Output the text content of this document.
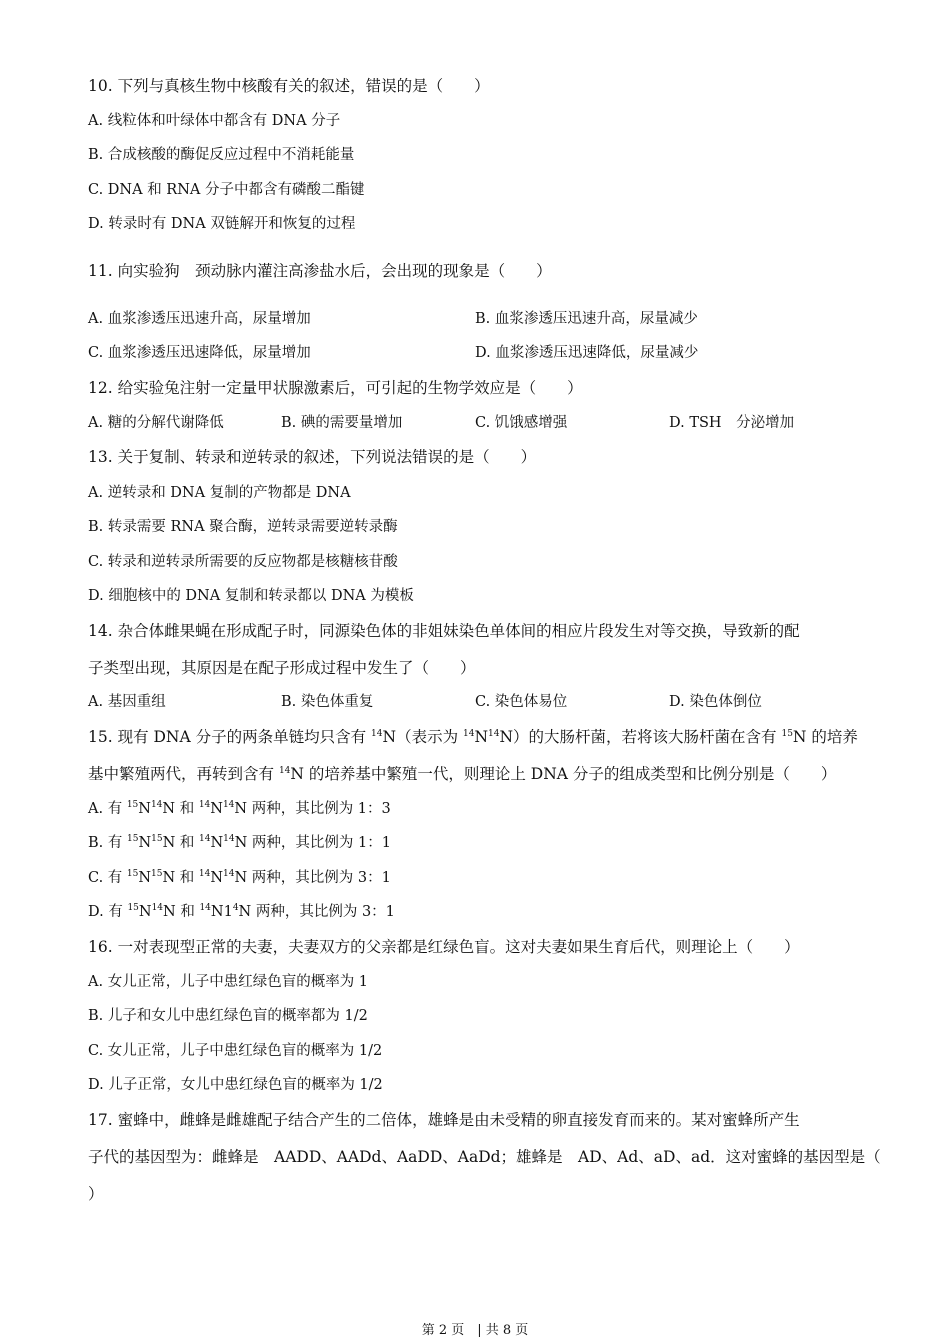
10. 下列与真核生物中核酸有关的叙述，错误的是（　　）
A. 线粒体和叶绿体中都含有 DNA 分子
B. 合成核酸的酶促反应过程中不消耗能量
C. DNA 和 RNA 分子中都含有磷酸二酯键
D. 转录时有 DNA 双链解开和恢复的过程
11. 向实验狗　颈动脉内灌注高渗盐水后，会出现的现象是（　　）
A. 血浆渗透压迅速升高，尿量增加	B. 血浆渗透压迅速升高，尿量减少
C. 血浆渗透压迅速降低，尿量增加	D. 血浆渗透压迅速降低，尿量减少
12. 给实验兔注射一定量甲状腺激素后，可引起的生物学效应是（　　）
A. 糖的分解代谢降低	B. 碘的需要量增加	C. 饥饿感增强	D. TSH　分泌增加
13. 关于复制、转录和逆转录的叙述，下列说法错误的是（　　）
A. 逆转录和 DNA 复制的产物都是 DNA
B. 转录需要 RNA 聚合酶，逆转录需要逆转录酶
C. 转录和逆转录所需要的反应物都是核糖核苷酸
D. 细胞核中的 DNA 复制和转录都以 DNA 为模板
14. 杂合体雌果蝇在形成配子时，同源染色体的非姐妹染色单体间的相应片段发生对等交换，导致新的配
子类型出现，其原因是在配子形成过程中发生了（　　）
A. 基因重组	B. 染色体重复	C. 染色体易位	D. 染色体倒位
15. 现有 DNA 分子的两条单链均只含有 $^{14}$N（表示为 $^{14}N^{14}N$）的大肠杆菌，若将该大肠杆菌在含有 $^{15}$N 的培养
基中繁殖两代，再转到含有 $^{14}$N 的培养基中繁殖一代，则理论上 DNA 分子的组成类型和比例分别是（　　）
A. 有 $^{15}N^{14}N$ 和 $^{14}N^{14}N$ 两种，其比例为 1：3
B. 有 $^{15}N^{15}N$ 和 $^{14}N^{14}N$ 两种，其比例为 1：1
C. 有 $^{15}N^{15}N$ 和 $^{14}N^{14}N$ 两种，其比例为 3：1
D. 有 $^{15}N^{14}N$ 和 $^{14}N1^4N$ 两种，其比例为 3：1
16. 一对表现型正常的夫妻，夫妻双方的父亲都是红绿色盲。这对夫妻如果生育后代，则理论上（　　）
A. 女儿正常，儿子中患红绿色盲的概率为 1
B. 儿子和女儿中患红绿色盲的概率都为 1/2
C. 女儿正常，儿子中患红绿色盲的概率为 1/2
D. 儿子正常，女儿中患红绿色盲的概率为 1/2
17. 蜜蜂中，雌蜂是雌雄配子结合产生的二倍体，雄蜂是由未受精的卵直接发育而来的。某对蜜蜂所产生
子代的基因型为：雌蜂是　AADD、AADd、AaDD、AaDd；雄蜂是　AD、Ad、aD、ad．这对蜜蜂的基因型是（
）
第 2 页　| 共 8 页
